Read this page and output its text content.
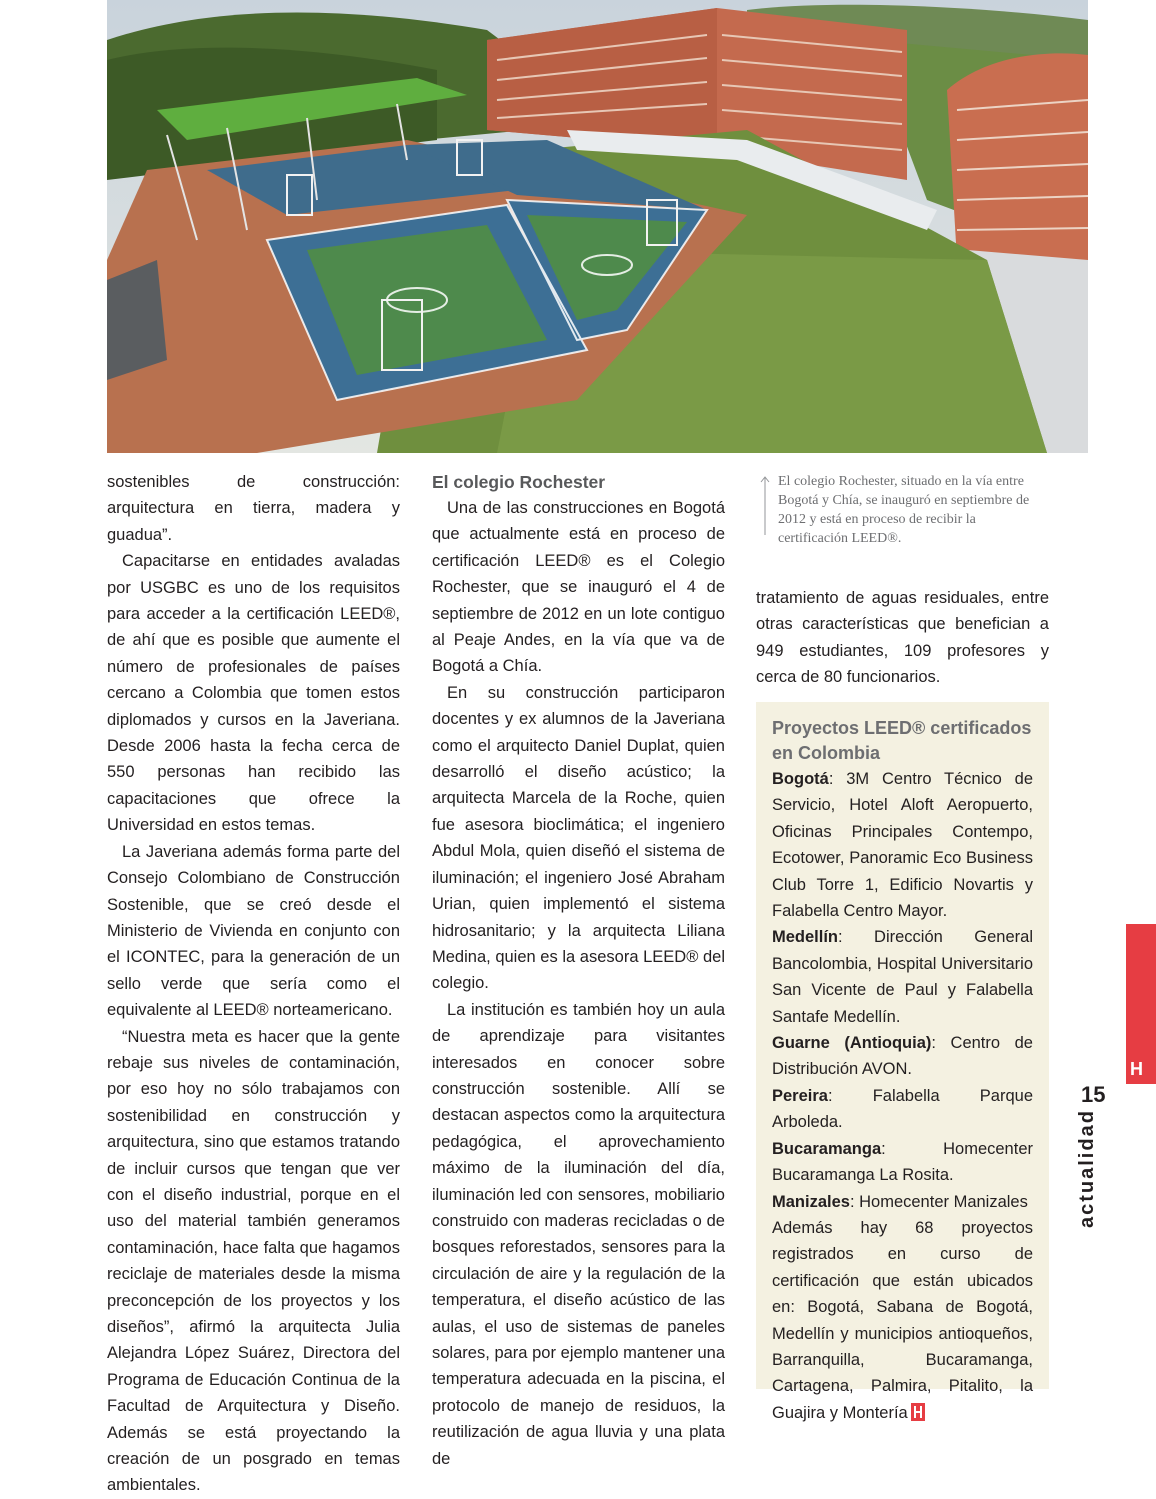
sostenibles de construcción: arquitectura en tierra, madera y guadua”.

Capacitarse en entidades avaladas por USGBC es uno de los requisitos para acceder a la certificación LEED®, de ahí que es posible que aumente el número de profesionales de países cercano a Colombia que tomen estos diplomados y cursos en la Javeriana. Desde 2006 hasta la fecha cerca de 550 personas han recibido las capacitaciones que ofrece la Universidad en estos temas.

La Javeriana además forma parte del Consejo Colombiano de Construcción Sostenible, que se creó desde el Ministerio de Vivienda en conjunto con el ICONTEC, para la generación de un sello verde que sería como el equivalente al LEED® norteamericano.

“Nuestra meta es hacer que la gente rebaje sus niveles de contaminación, por eso hoy no sólo trabajamos con sostenibilidad en construcción y arquitectura, sino que estamos tratando de incluir cursos que tengan que ver con el diseño industrial, porque en el uso del material también generamos contaminación, hace falta que hagamos reciclaje de materiales desde la misma preconcepción de los proyectos y los diseños”, afirmó la arquitecta Julia Alejandra López Suárez, Directora del Programa de Educación Continua de la Facultad de Arquitectura y Diseño. Además se está proyectando la creación de un posgrado en temas ambientales.

El colegio Rochester

Una de las construcciones en Bogotá que actualmente está en proceso de certificación LEED® es el Colegio Rochester, que se inauguró el 4 de septiembre de 2012 en un lote contiguo al Peaje Andes, en la vía que va de Bogotá a Chía.

En su construcción participaron docentes y ex alumnos de la Javeriana como el arquitecto Daniel Duplat, quien desarrolló el diseño acústico; la arquitecta Marcela de la Roche, quien fue asesora bioclimática; el ingeniero Abdul Mola, quien diseñó el sistema de iluminación; el ingeniero José Abraham Urian, quien implementó el sistema hidrosanitario; y la arquitecta Liliana Medina, quien es la asesora LEED® del colegio.

La institución es también hoy un aula de aprendizaje para visitantes interesados en conocer sobre construcción sostenible. Allí se destacan aspectos como la arquitectura pedagógica, el aprovechamiento máximo de la iluminación del día, iluminación led con sensores, mobiliario construido con maderas recicladas o de bosques reforestados, sensores para la circulación de aire y la regulación de la temperatura, el diseño acústico de las aulas, el uso de sistemas de paneles solares, para por ejemplo mantener una temperatura adecuada en la piscina, el protocolo de manejo de residuos, la reutilización de agua lluvia y una plata de

El colegio Rochester, situado en la vía entre Bogotá y Chía, se inauguró en septiembre de 2012 y está en proceso de recibir la certificación LEED®.

tratamiento de aguas residuales, entre otras características que benefician a 949 estudiantes, 109 profesores y cerca de 80 funcionarios.

Proyectos LEED® certificados en Colombia

Bogotá: 3M Centro Técnico de Servicio, Hotel Aloft Aeropuerto, Oficinas Principales Contempo, Ecotower, Panoramic Eco Business Club Torre 1, Edificio Novartis y Falabella Centro Mayor.

Medellín: Dirección General Bancolombia, Hospital Universitario San Vicente de Paul y Falabella Santafe Medellín.

Guarne (Antioquia): Centro de Distribución AVON.

Pereira: Falabella Parque Arboleda.

Bucaramanga: Homecenter Bucaramanga La Rosita.

Manizales: Homecenter Manizales

Además hay 68 proyectos registrados en curso de certificación que están ubicados en: Bogotá, Sabana de Bogotá, Medellín y municipios antioqueños, Barranquilla, Bucaramanga, Cartagena, Palmira, Pitalito, la Guajira y Montería

H
15
actualidad
